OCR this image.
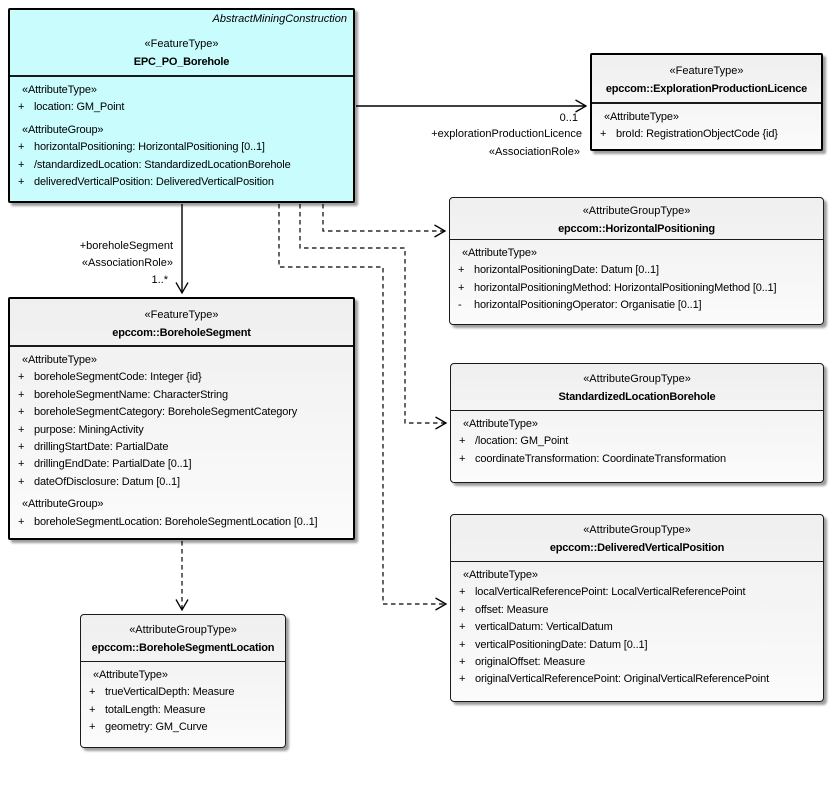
AbstractMiningConstruction
«FeatureType»
EPC_PO_Borehole
«AttributeType»
+ location: GM_Point
«AttributeGroup»
+ horizontalPositioning: HorizontalPositioning [0..1]
+ /standardizedLocation: StandardizedLocationBorehole
+ deliveredVerticalPosition: DeliveredVerticalPosition
«FeatureType»
epccom::ExplorationProductionLicence
«AttributeType»
+ broId: RegistrationObjectCode {id}
«AttributeGroupType»
epccom::HorizontalPositioning
«AttributeType»
+ horizontalPositioningDate: Datum [0..1]
+ horizontalPositioningMethod: HorizontalPositioningMethod [0..1]
-	horizontalPositioningOperator: Organisatie [0..1]
«AttributeGroupType»
StandardizedLocationBorehole
«AttributeType»
+ /location: GM_Point
+ coordinateTransformation: CoordinateTransformation
«AttributeGroupType»
epccom::DeliveredVerticalPosition
«AttributeType»
+ localVerticalReferencePoint: LocalVerticalReferencePoint
+ offset: Measure
+ verticalDatum: VerticalDatum
+ verticalPositioningDate: Datum [0..1]
+ originalOffset: Measure
+ originalVerticalReferencePoint: OriginalVerticalReferencePoint
«FeatureType»
epccom::BoreholeSegment
«AttributeType»
+ boreholeSegmentCode: Integer {id}
+ boreholeSegmentName: CharacterString
+ boreholeSegmentCategory: BoreholeSegmentCategory
+ purpose: MiningActivity
+ drillingStartDate: PartialDate
+ drillingEndDate: PartialDate [0..1]
+ dateOfDisclosure: Datum [0..1]
«AttributeGroup»
+ boreholeSegmentLocation: BoreholeSegmentLocation [0..1]
«AttributeGroupType»
epccom::BoreholeSegmentLocation
«AttributeType»
+ trueVerticalDepth: Measure
+ totalLength: Measure
+ geometry: GM_Curve
0..1
+explorationProductionLicence
«AssociationRole»
+boreholeSegment
«AssociationRole»
1..*
